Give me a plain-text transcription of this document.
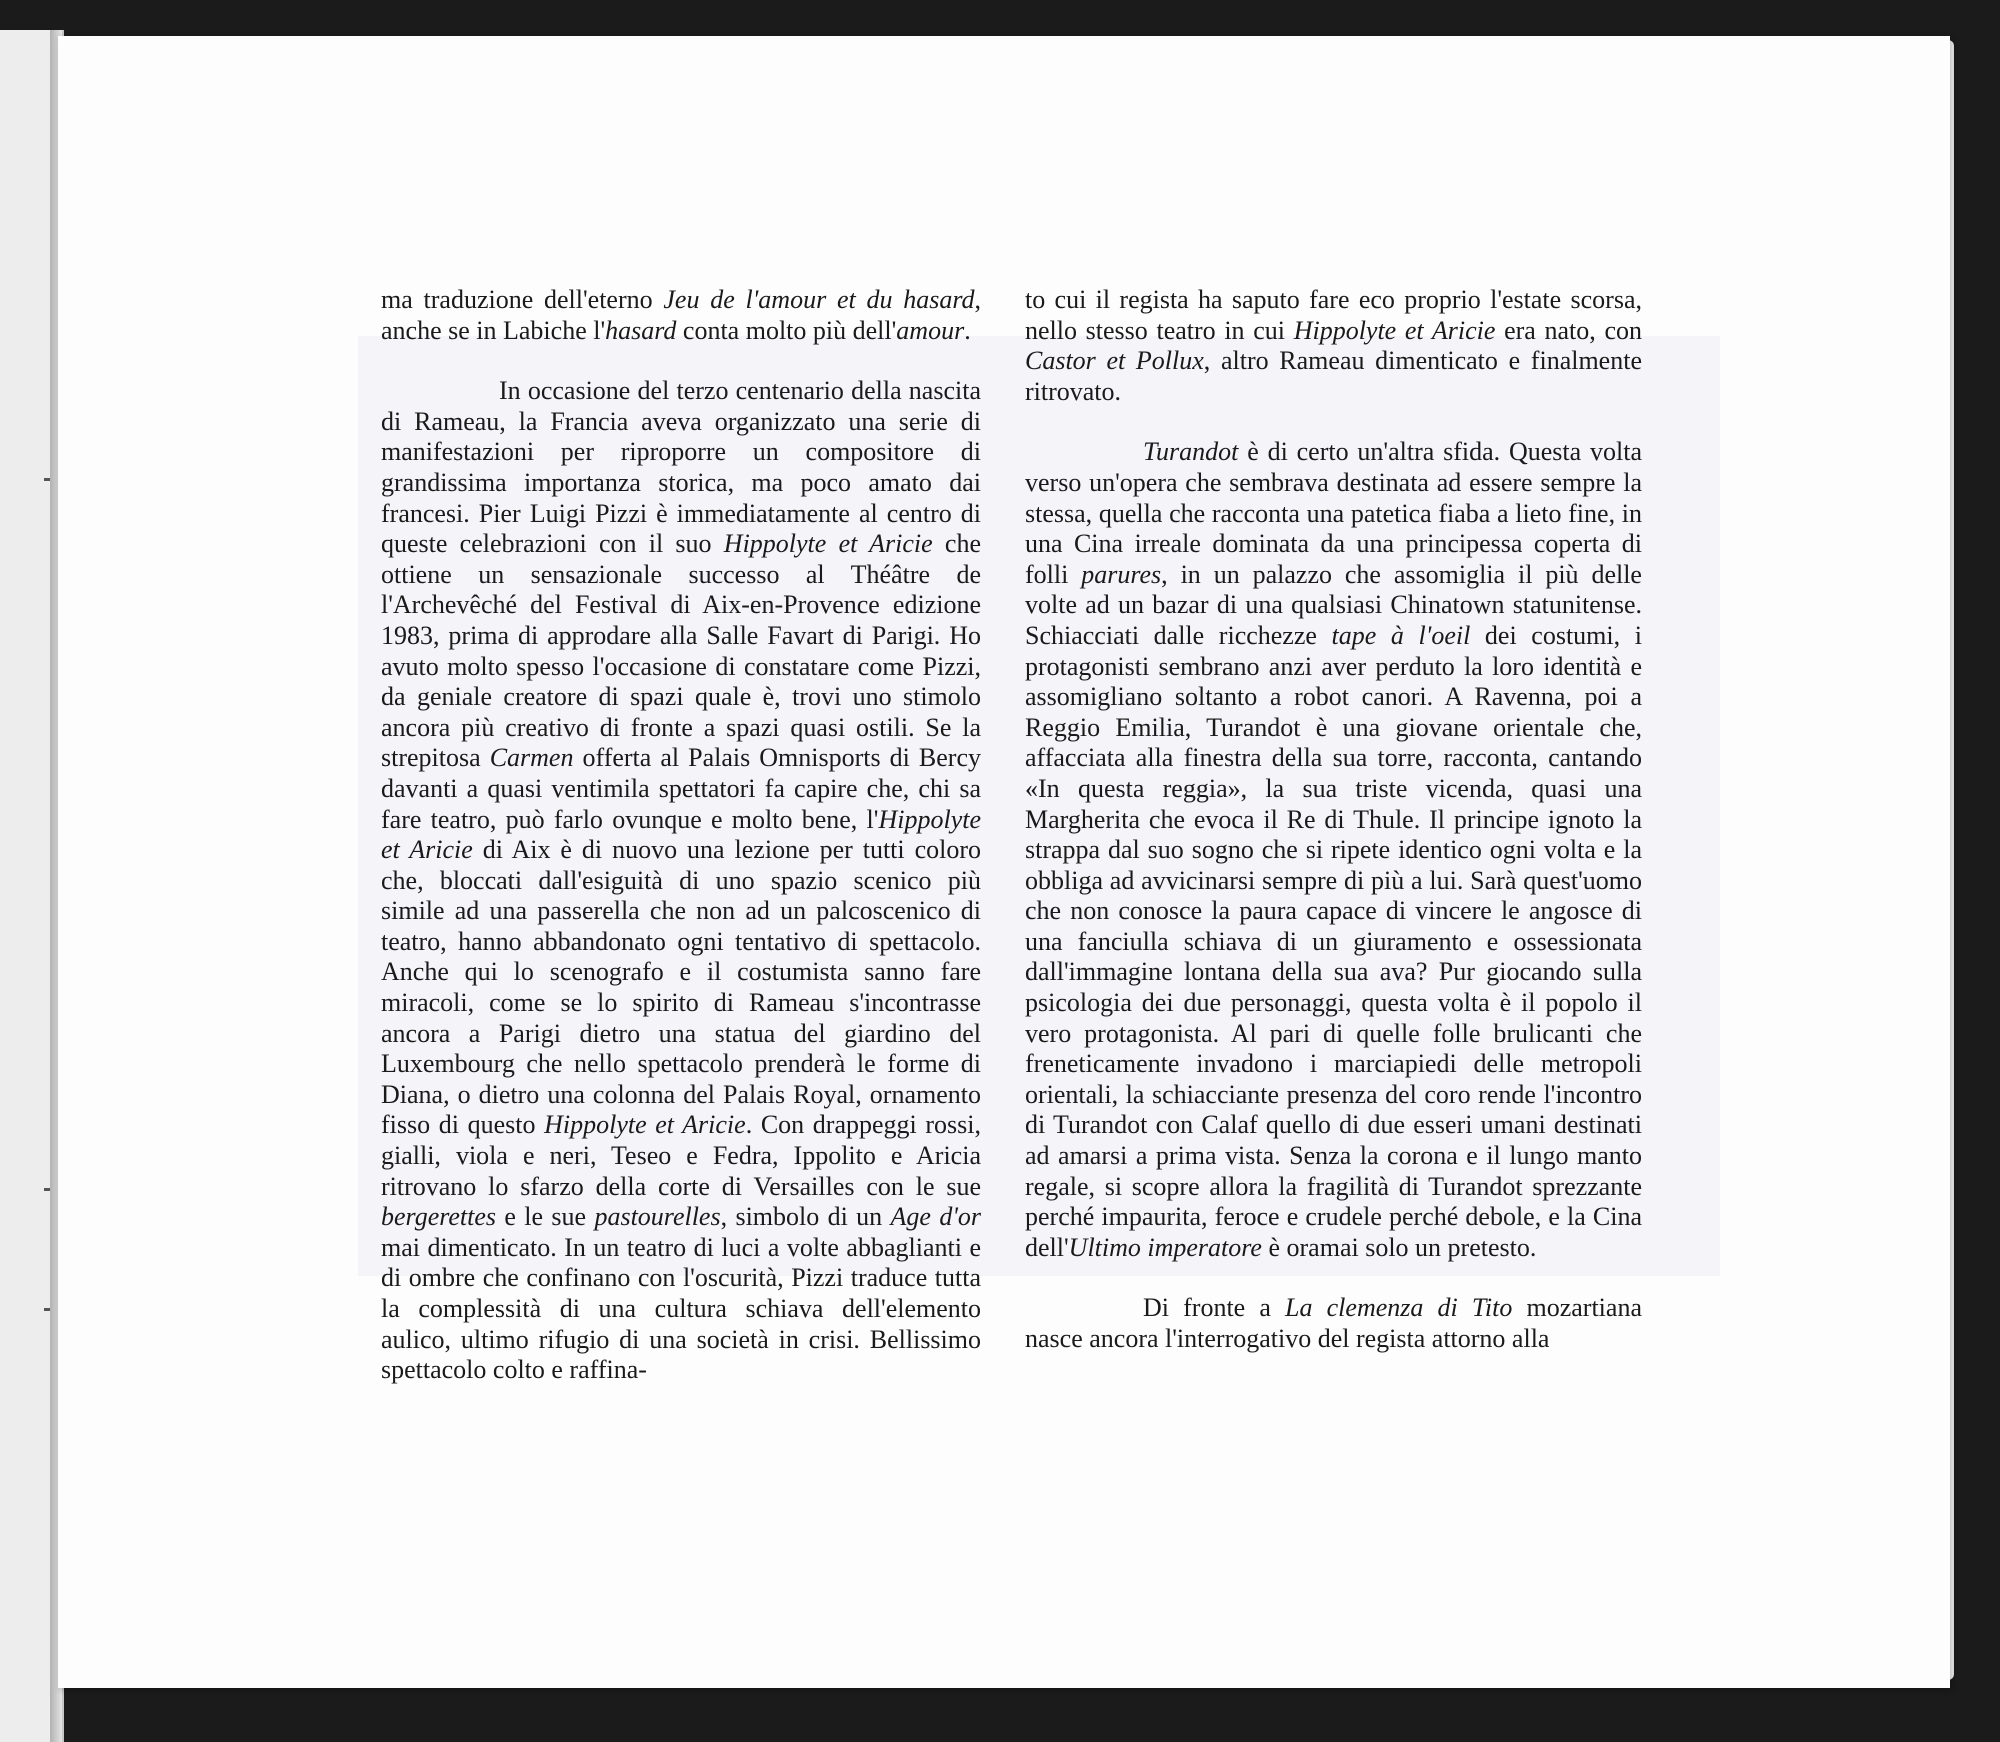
ma traduzione dell'eterno Jeu de l'amour et du hasard, anche se in Labiche l'hasard conta molto più dell'amour.

In occasione del terzo centenario della nascita di Rameau, la Francia aveva organizzato una serie di manifestazioni per riproporre un compositore di grandissima importanza storica, ma poco amato dai francesi. Pier Luigi Pizzi è immediatamente al centro di queste celebrazioni con il suo Hippolyte et Aricie che ottiene un sensazionale successo al Théâtre de l'Archevêché del Festival di Aix-en-Provence edizione 1983, prima di approdare alla Salle Favart di Parigi. Ho avuto molto spesso l'occasione di constatare come Pizzi, da geniale creatore di spazi quale è, trovi uno stimolo ancora più creativo di fronte a spazi quasi ostili. Se la strepitosa Carmen offerta al Palais Omnisports di Bercy davanti a quasi ventimila spettatori fa capire che, chi sa fare teatro, può farlo ovunque e molto bene, l'Hippolyte et Aricie di Aix è di nuovo una lezione per tutti coloro che, bloccati dall'esiguità di uno spazio scenico più simile ad una passerella che non ad un palcoscenico di teatro, hanno abbandonato ogni tentativo di spettacolo. Anche qui lo scenografo e il costumista sanno fare miracoli, come se lo spirito di Rameau s'incontrasse ancora a Parigi dietro una statua del giardino del Luxembourg che nello spettacolo prenderà le forme di Diana, o dietro una colonna del Palais Royal, ornamento fisso di questo Hippolyte et Aricie. Con drappeggi rossi, gialli, viola e neri, Teseo e Fedra, Ippolito e Aricia ritrovano lo sfarzo della corte di Versailles con le sue bergerettes e le sue pastourelles, simbolo di un Age d'or mai dimenticato. In un teatro di luci a volte abbaglianti e di ombre che confinano con l'oscurità, Pizzi traduce tutta la complessità di una cultura schiava dell'elemento aulico, ultimo rifugio di una società in crisi. Bellissimo spettacolo colto e raffina-

to cui il regista ha saputo fare eco proprio l'estate scorsa, nello stesso teatro in cui Hippolyte et Aricie era nato, con Castor et Pollux, altro Rameau dimenticato e finalmente ritrovato.

Turandot è di certo un'altra sfida. Questa volta verso un'opera che sembrava destinata ad essere sempre la stessa, quella che racconta una patetica fiaba a lieto fine, in una Cina irreale dominata da una principessa coperta di folli parures, in un palazzo che assomiglia il più delle volte ad un bazar di una qualsiasi Chinatown statunitense. Schiacciati dalle ricchezze tape à l'oeil dei costumi, i protagonisti sembrano anzi aver perduto la loro identità e assomigliano soltanto a robot canori. A Ravenna, poi a Reggio Emilia, Turandot è una giovane orientale che, affacciata alla finestra della sua torre, racconta, cantando «In questa reggia», la sua triste vicenda, quasi una Margherita che evoca il Re di Thule. Il principe ignoto la strappa dal suo sogno che si ripete identico ogni volta e la obbliga ad avvicinarsi sempre di più a lui. Sarà quest'uomo che non conosce la paura capace di vincere le angosce di una fanciulla schiava di un giuramento e ossessionata dall'immagine lontana della sua ava? Pur giocando sulla psicologia dei due personaggi, questa volta è il popolo il vero protagonista. Al pari di quelle folle brulicanti che freneticamente invadono i marciapiedi delle metropoli orientali, la schiacciante presenza del coro rende l'incontro di Turandot con Calaf quello di due esseri umani destinati ad amarsi a prima vista. Senza la corona e il lungo manto regale, si scopre allora la fragilità di Turandot sprezzante perché impaurita, feroce e crudele perché debole, e la Cina dell'Ultimo imperatore è oramai solo un pretesto.

Di fronte a La clemenza di Tito mozartiana nasce ancora l'interrogativo del regista attorno alla
